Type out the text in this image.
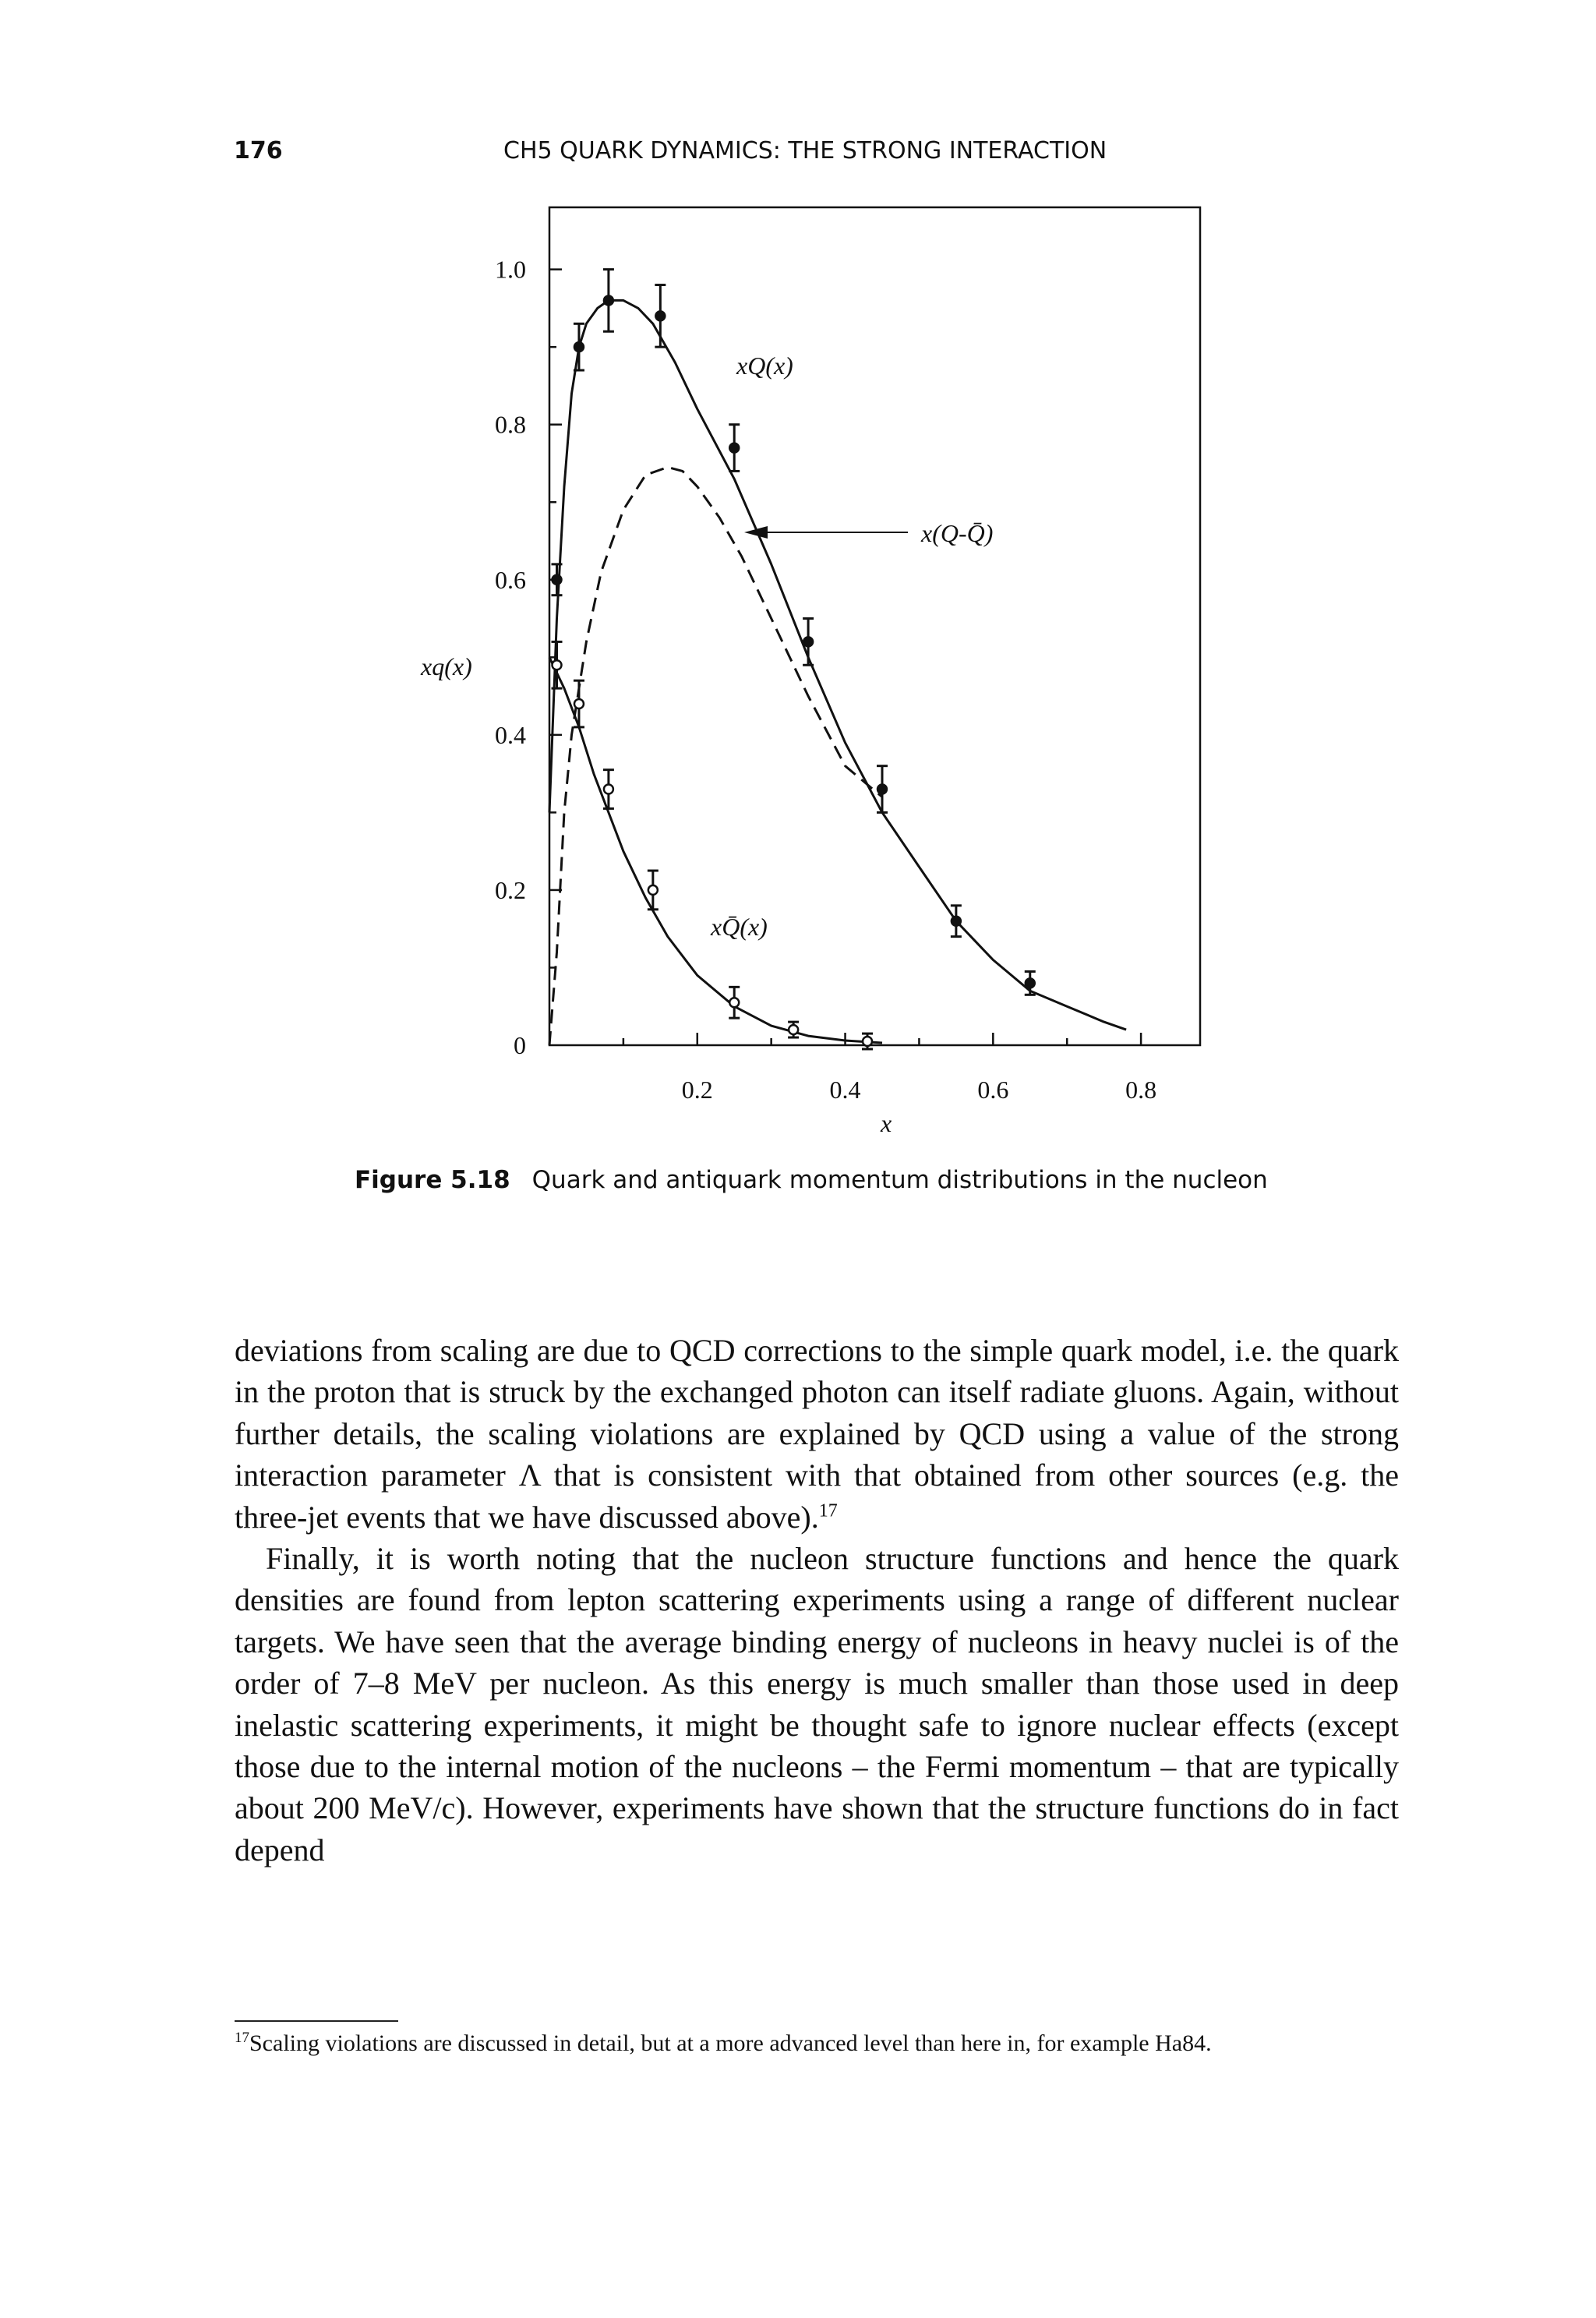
176	CH5 QUARK DYNAMICS: THE STRONG INTERACTION
0
0.2
0.4
0.6
0.8
1.0
0.2	0.4	0.6	0.8
xq(x)
x
xQ(x)
x(Q-Q̄)
xQ̄(x)
Figure 5.18 Quark and antiquark momentum distributions in the nucleon

deviations from scaling are due to QCD corrections to the simple quark model, i.e. the quark in the proton that is struck by the exchanged photon can itself radiate gluons. Again, without further details, the scaling violations are explained by QCD using a value of the strong interaction parameter Λ that is consistent with that obtained from other sources (e.g. the three-jet events that we have discussed above).$^{17}$

Finally, it is worth noting that the nucleon structure functions and hence the quark densities are found from lepton scattering experiments using a range of different nuclear targets. We have seen that the average binding energy of nucleons in heavy nuclei is of the order of 7–8 MeV per nucleon. As this energy is much smaller than those used in deep inelastic scattering experiments, it might be thought safe to ignore nuclear effects (except those due to the internal motion of the nucleons – the Fermi momentum – that are typically about 200 MeV/c). However, experiments have shown that the structure functions do in fact depend

$^{17}$Scaling violations are discussed in detail, but at a more advanced level than here in, for example Ha84.
